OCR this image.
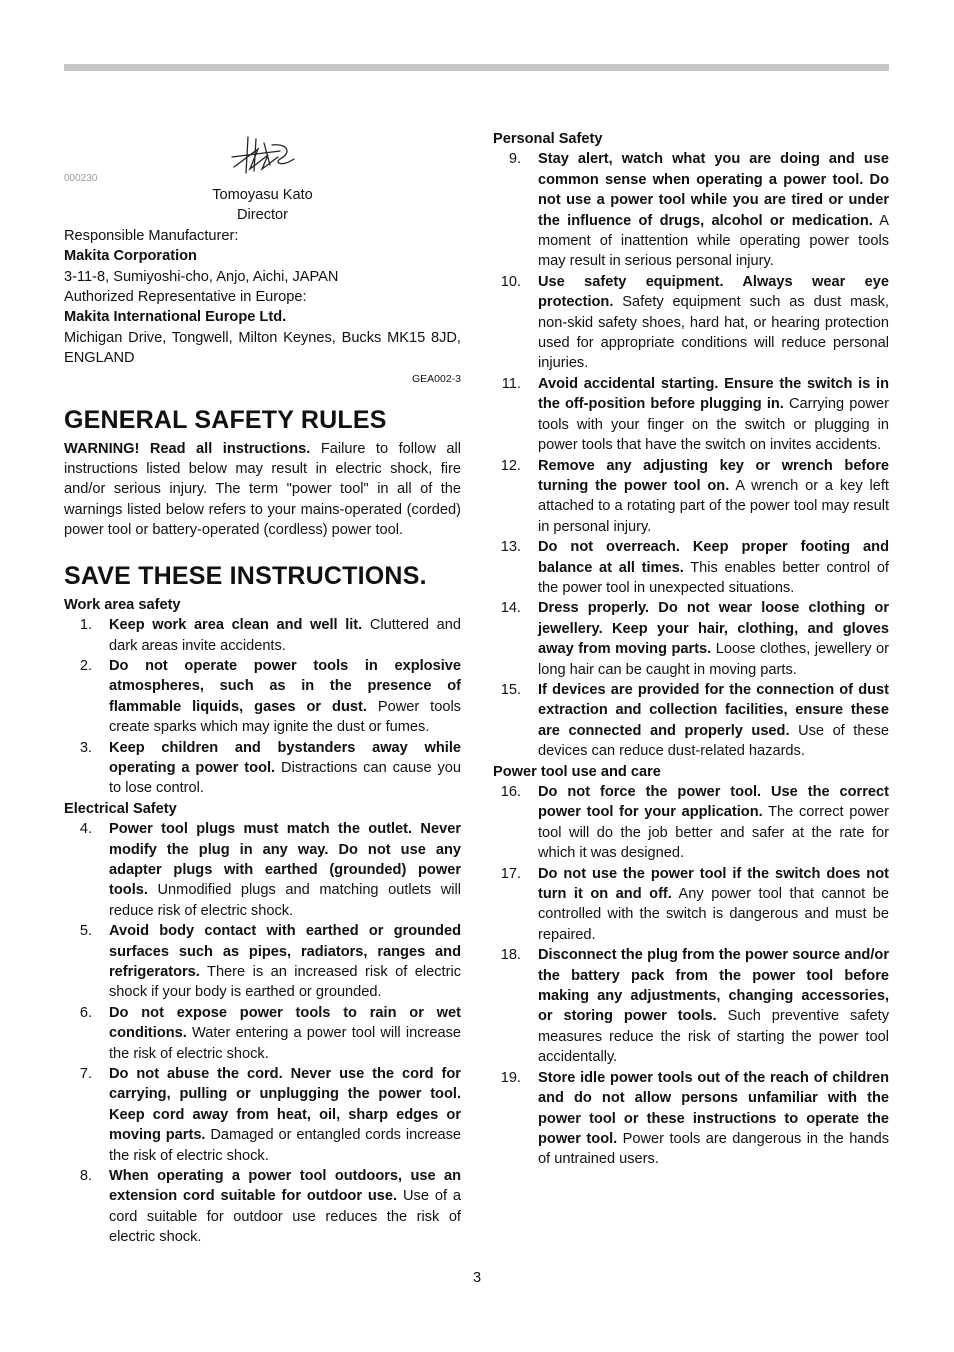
000230

Tomoyasu Kato

Director

Responsible Manufacturer:

Makita Corporation

3-11-8, Sumiyoshi-cho, Anjo, Aichi, JAPAN

Authorized Representative in Europe:

Makita International Europe Ltd.

Michigan Drive, Tongwell, Milton Keynes, Bucks MK15 8JD, ENGLAND

GEA002-3
GENERAL SAFETY RULES

WARNING! Read all instructions. Failure to follow all instructions listed below may result in electric shock, fire and/or serious injury. The term "power tool" in all of the warnings listed below refers to your mains-operated (corded) power tool or battery-operated (cordless) power tool.

SAVE THESE INSTRUCTIONS.

Work area safety

1. Keep work area clean and well lit. Cluttered and dark areas invite accidents.
2. Do not operate power tools in explosive atmospheres, such as in the presence of flammable liquids, gases or dust. Power tools create sparks which may ignite the dust or fumes.
3. Keep children and bystanders away while operating a power tool. Distractions can cause you to lose control.

Electrical Safety

4. Power tool plugs must match the outlet. Never modify the plug in any way. Do not use any adapter plugs with earthed (grounded) power tools. Unmodified plugs and matching outlets will reduce risk of electric shock.
5. Avoid body contact with earthed or grounded surfaces such as pipes, radiators, ranges and refrigerators. There is an increased risk of electric shock if your body is earthed or grounded.
6. Do not expose power tools to rain or wet conditions. Water entering a power tool will increase the risk of electric shock.
7. Do not abuse the cord. Never use the cord for carrying, pulling or unplugging the power tool. Keep cord away from heat, oil, sharp edges or moving parts. Damaged or entangled cords increase the risk of electric shock.
8. When operating a power tool outdoors, use an extension cord suitable for outdoor use. Use of a cord suitable for outdoor use reduces the risk of electric shock.

Personal Safety

9. Stay alert, watch what you are doing and use common sense when operating a power tool. Do not use a power tool while you are tired or under the influence of drugs, alcohol or medication. A moment of inattention while operating power tools may result in serious personal injury.
10. Use safety equipment. Always wear eye protection. Safety equipment such as dust mask, non-skid safety shoes, hard hat, or hearing protection used for appropriate conditions will reduce personal injuries.
11. Avoid accidental starting. Ensure the switch is in the off-position before plugging in. Carrying power tools with your finger on the switch or plugging in power tools that have the switch on invites accidents.
12. Remove any adjusting key or wrench before turning the power tool on. A wrench or a key left attached to a rotating part of the power tool may result in personal injury.
13. Do not overreach. Keep proper footing and balance at all times. This enables better control of the power tool in unexpected situations.
14. Dress properly. Do not wear loose clothing or jewellery. Keep your hair, clothing, and gloves away from moving parts. Loose clothes, jewellery or long hair can be caught in moving parts.
15. If devices are provided for the connection of dust extraction and collection facilities, ensure these are connected and properly used. Use of these devices can reduce dust-related hazards.

Power tool use and care

16. Do not force the power tool. Use the correct power tool for your application. The correct power tool will do the job better and safer at the rate for which it was designed.
17. Do not use the power tool if the switch does not turn it on and off. Any power tool that cannot be controlled with the switch is dangerous and must be repaired.
18. Disconnect the plug from the power source and/or the battery pack from the power tool before making any adjustments, changing accessories, or storing power tools. Such preventive safety measures reduce the risk of starting the power tool accidentally.
19. Store idle power tools out of the reach of children and do not allow persons unfamiliar with the power tool or these instructions to operate the power tool. Power tools are dangerous in the hands of untrained users.
3
